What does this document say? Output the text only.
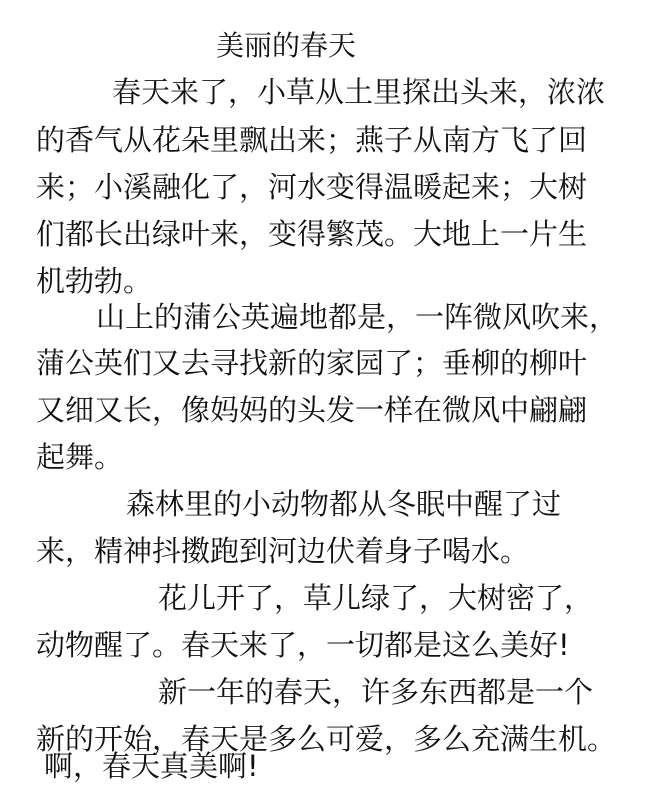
美丽的春天
春天来了，小草从土里探出头来，浓浓
的香气从花朵里飘出来；燕子从南方飞了回
来；小溪融化了，河水变得温暖起来；大树
们都长出绿叶来，变得繁茂。大地上一片生
机勃勃。
山上的蒲公英遍地都是，一阵微风吹来，
蒲公英们又去寻找新的家园了；垂柳的柳叶
又细又长，像妈妈的头发一样在微风中翩翩
起舞。
森林里的小动物都从冬眠中醒了过
来，精神抖擞跑到河边伏着身子喝水。
花儿开了，草儿绿了，大树密了，
动物醒了。春天来了，一切都是这么美好!
新一年的春天，许多东西都是一个
新的开始，春天是多么可爱，多么充满生机。
啊，春天真美啊!
